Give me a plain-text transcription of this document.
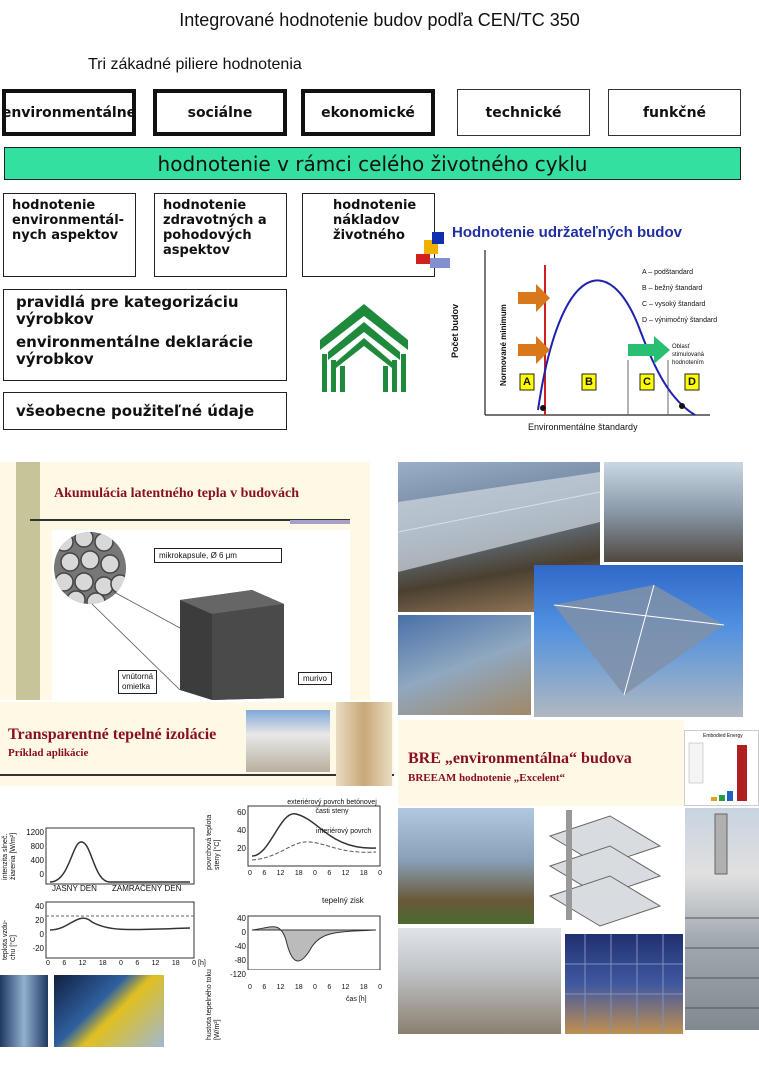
Integrované hodnotenie budov podľa CEN/TC 350
Tri zákadné piliere hodnotenia
environmentálne	sociálne	ekonomické	technické	funkčné
hodnotenie v rámci celého životného cyklu
hodnotenie
environmentál-
nych aspektov
hodnotenie
zdravotných a
pohodových
aspektov
hodnotenie
nákladov
životného
pravidlá pre kategorizáciu
výrobkov
environmentálne deklarácie
výrobkov
všeobecne použiteľné údaje
Hodnotenie udržateľných budov
A	B	C	D
Počet budov	Normované minimum
Environmentálne štandardy
A – podštandard
B – bežný štandard
C – vysoký štandard
D – výnimočný štandard
Oblasť
stimulovaná
hodnotením
Akumulácia latentného tepla v budovách
mikrokapsule, Ø 6 μm
vnútorná
omietka
murivo
Transparentné tepelné izolácie
Príklad aplikácie	BRE „environmentálna“ budova
BREEAM hodnotenie „Excelent“
Embodied Energy
intenzita slneč. žiarenia [W/m²]
1200
800
400
0
JASNÝ DEŇ ZAMRAČENÝ DEŇ
teplota vzdu- chu [°C]
40
20
0
-20
0 6 12 18 0 6 12 18 0 [h]
povrchová teplota steny [°C]
60
40
20
exteriérový povrch betónovej časti steny
interiérový povrch
0 6 12 18 0 6 12 18 0
tepelný zisk
hustota tepelného toku [W/m²]
40
0
-40
-80
-120
0 6 12 18 0 6 12 18 0
čas [h]
